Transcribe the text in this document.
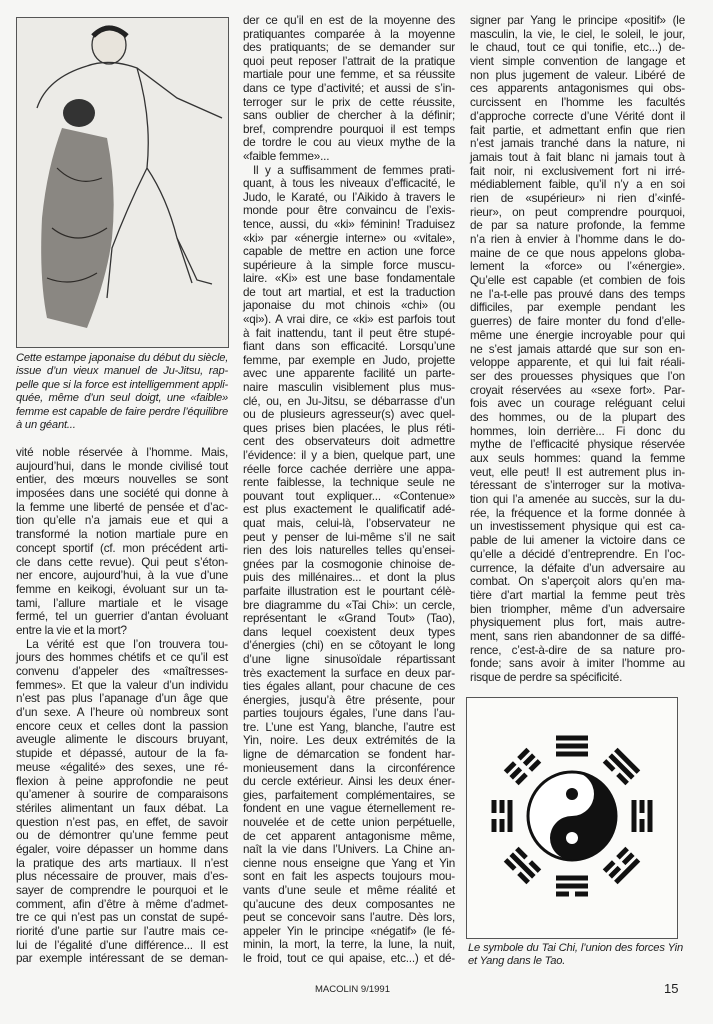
Cette estampe japonaise du début du siècle,
issue d’un vieux manuel de Ju-Jitsu, rap-
pelle que si la force est intelligemment appli-
quée, même d’un seul doigt, une «faible»
femme est capable de faire perdre l’équilibre
à un géant...
vité noble réservée à l’homme. Mais,
aujourd’hui, dans le monde civilisé tout
entier, des mœurs nouvelles se sont
imposées dans une société qui donne à
la femme une liberté de pensée et d’ac-
tion qu’elle n’a jamais eue et qui a
transformé la notion martiale pure en
concept sportif (cf. mon précédent arti-
cle dans cette revue). Qui peut s’éton-
ner encore, aujourd’hui, à la vue d’une
femme en keikogi, évoluant sur un ta-
tami, l’allure martiale et le visage
fermé, tel un guerrier d’antan évoluant
entre la vie et la mort?
La vérité est que l’on trouvera tou-
jours des hommes chétifs et ce qu’il est
convenu d’appeler des «maîtresses-
femmes». Et que la valeur d’un individu
n’est pas plus l’apanage d’un âge que
d’un sexe. A l’heure où nombreux sont
encore ceux et celles dont la passion
aveugle alimente le discours bruyant,
stupide et dépassé, autour de la fa-
meuse «égalité» des sexes, une ré-
flexion à peine approfondie ne peut
qu’amener à sourire de comparaisons
stériles alimentant un faux débat. La
question n’est pas, en effet, de savoir
ou de démontrer qu’une femme peut
égaler, voire dépasser un homme dans
la pratique des arts martiaux. Il n’est
plus nécessaire de prouver, mais d’es-
sayer de comprendre le pourquoi et le
comment, afin d’être à même d’admet-
tre ce qui n’est pas un constat de supé-
riorité d’une partie sur l’autre mais ce-
lui de l’égalité d’une différence... Il est
par exemple intéressant de se deman-
der ce qu’il en est de la moyenne des
pratiquantes comparée à la moyenne
des pratiquants; de se demander sur
quoi peut reposer l’attrait de la pratique
martiale pour une femme, et sa réussite
dans ce type d’activité; et aussi de s’in-
terroger sur le prix de cette réussite,
sans oublier de chercher à la définir;
bref, comprendre pourquoi il est temps
de tordre le cou au vieux mythe de la
«faible femme»...
Il y a suffisamment de femmes prati-
quant, à tous les niveaux d’efficacité, le
Judo, le Karaté, ou l’Aikido à travers le
monde pour être convaincu de l’exis-
tence, aussi, du «ki» féminin! Traduisez
«ki» par «énergie interne» ou «vitale»,
capable de mettre en action une force
supérieure à la simple force muscu-
laire. «Ki» est une base fondamentale
de tout art martial, et est la traduction
japonaise du mot chinois «chi» (ou
«qi»). A vrai dire, ce «ki» est parfois tout
à fait inattendu, tant il peut être stupé-
fiant dans son efficacité. Lorsqu’une
femme, par exemple en Judo, projette
avec une apparente facilité un parte-
naire masculin visiblement plus mus-
clé, ou, en Ju-Jitsu, se débarrasse d’un
ou de plusieurs agresseur(s) avec quel-
ques prises bien placées, le plus réti-
cent des observateurs doit admettre
l’évidence: il y a bien, quelque part, une
réelle force cachée derrière une appa-
rente faiblesse, la technique seule ne
pouvant tout expliquer... «Contenue»
est plus exactement le qualificatif adé-
quat mais, celui-là, l’observateur ne
peut y penser de lui-même s’il ne sait
rien des lois naturelles telles qu’ensei-
gnées par la cosmogonie chinoise de-
puis des millénaires... et dont la plus
parfaite illustration est le pourtant célè-
bre diagramme du «Tai Chi»: un cercle,
représentant le «Grand Tout» (Tao),
dans lequel coexistent deux types
d’énergies (chi) en se côtoyant le long
d’une ligne sinusoïdale répartissant
très exactement la surface en deux par-
ties égales allant, pour chacune de ces
énergies, jusqu’à être présente, pour
parties toujours égales, l’une dans l’au-
tre. L’une est Yang, blanche, l’autre est
Yin, noire. Les deux extrémités de la
ligne de démarcation se fondent har-
monieusement dans la circonférence
du cercle extérieur. Ainsi les deux éner-
gies, parfaitement complémentaires, se
fondent en une vague éternellement re-
nouvelée et de cette union perpétuelle,
de cet apparent antagonisme même,
naît la vie dans l’Univers. La Chine an-
cienne nous enseigne que Yang et Yin
sont en fait les aspects toujours mou-
vants d’une seule et même réalité et
qu’aucune des deux composantes ne
peut se concevoir sans l’autre. Dès lors,
appeler Yin le principe «négatif» (le fé-
minin, la mort, la terre, la lune, la nuit,
le froid, tout ce qui apaise, etc...) et dé-
signer par Yang le principe «positif» (le
masculin, la vie, le ciel, le soleil, le jour,
le chaud, tout ce qui tonifie, etc...) de-
vient simple convention de langage et
non plus jugement de valeur. Libéré de
ces apparents antagonismes qui obs-
curcissent en l’homme les facultés
d’approche correcte d’une Vérité dont il
fait partie, et admettant enfin que rien
n’est jamais tranché dans la nature, ni
jamais tout à fait blanc ni jamais tout à
fait noir, ni exclusivement fort ni irré-
médiablement faible, qu’il n’y a en soi
rien de «supérieur» ni rien d’«infé-
rieur», on peut comprendre pourquoi,
de par sa nature profonde, la femme
n’a rien à envier à l’homme dans le do-
maine de ce que nous appelons globa-
lement la «force» ou l’«énergie».
Qu’elle est capable (et combien de fois
ne l’a-t-elle pas prouvé dans des temps
difficiles, par exemple pendant les
guerres) de faire monter du fond d’elle-
même une énergie incroyable pour qui
ne s’est jamais attardé que sur son en-
veloppe apparente, et qui lui fait réali-
ser des prouesses physiques que l’on
croyait réservées au «sexe fort». Par-
fois avec un courage reléguant celui
des hommes, ou de la plupart des
hommes, loin derrière... Fi donc du
mythe de l’efficacité physique réservée
aux seuls hommes: quand la femme
veut, elle peut! Il est autrement plus in-
téressant de s’interroger sur la motiva-
tion qui l’a amenée au succès, sur la du-
rée, la fréquence et la forme donnée à
un investissement physique qui est ca-
pable de lui amener la victoire dans ce
qu’elle a décidé d’entreprendre. En l’oc-
currence, la défaite d’un adversaire au
combat. On s’aperçoit alors qu’en ma-
tière d’art martial la femme peut très
bien triompher, même d’un adversaire
physiquement plus fort, mais autre-
ment, sans rien abandonner de sa diffé-
rence, c’est-à-dire de sa nature pro-
fonde; sans avoir à imiter l’homme au
risque de perdre sa spécificité.
Le symbole du Tai Chi, l’union des forces Yin
et Yang dans le Tao.
MACOLIN 9/1991	15
